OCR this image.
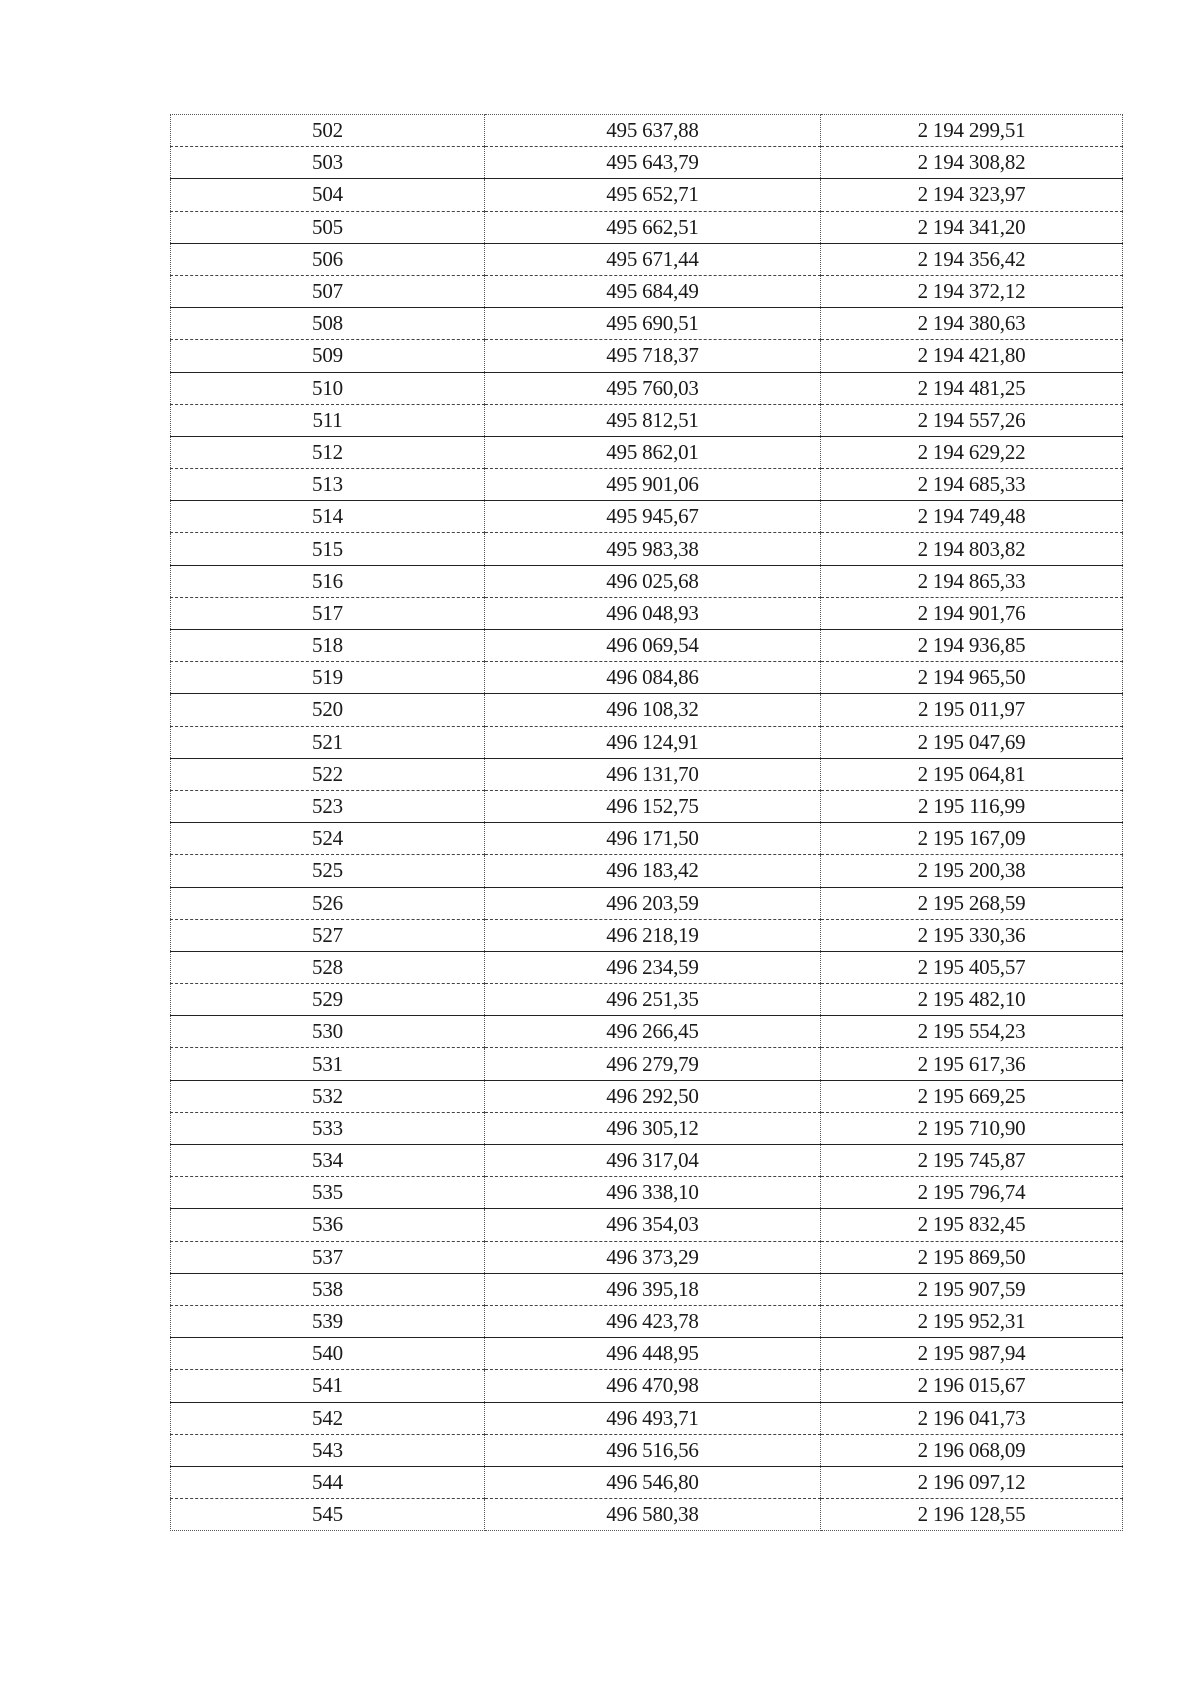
502	495 637,88	2 194 299,51
503	495 643,79	2 194 308,82
504	495 652,71	2 194 323,97
505	495 662,51	2 194 341,20
506	495 671,44	2 194 356,42
507	495 684,49	2 194 372,12
508	495 690,51	2 194 380,63
509	495 718,37	2 194 421,80
510	495 760,03	2 194 481,25
511	495 812,51	2 194 557,26
512	495 862,01	2 194 629,22
513	495 901,06	2 194 685,33
514	495 945,67	2 194 749,48
515	495 983,38	2 194 803,82
516	496 025,68	2 194 865,33
517	496 048,93	2 194 901,76
518	496 069,54	2 194 936,85
519	496 084,86	2 194 965,50
520	496 108,32	2 195 011,97
521	496 124,91	2 195 047,69
522	496 131,70	2 195 064,81
523	496 152,75	2 195 116,99
524	496 171,50	2 195 167,09
525	496 183,42	2 195 200,38
526	496 203,59	2 195 268,59
527	496 218,19	2 195 330,36
528	496 234,59	2 195 405,57
529	496 251,35	2 195 482,10
530	496 266,45	2 195 554,23
531	496 279,79	2 195 617,36
532	496 292,50	2 195 669,25
533	496 305,12	2 195 710,90
534	496 317,04	2 195 745,87
535	496 338,10	2 195 796,74
536	496 354,03	2 195 832,45
537	496 373,29	2 195 869,50
538	496 395,18	2 195 907,59
539	496 423,78	2 195 952,31
540	496 448,95	2 195 987,94
541	496 470,98	2 196 015,67
542	496 493,71	2 196 041,73
543	496 516,56	2 196 068,09
544	496 546,80	2 196 097,12
545	496 580,38	2 196 128,55
